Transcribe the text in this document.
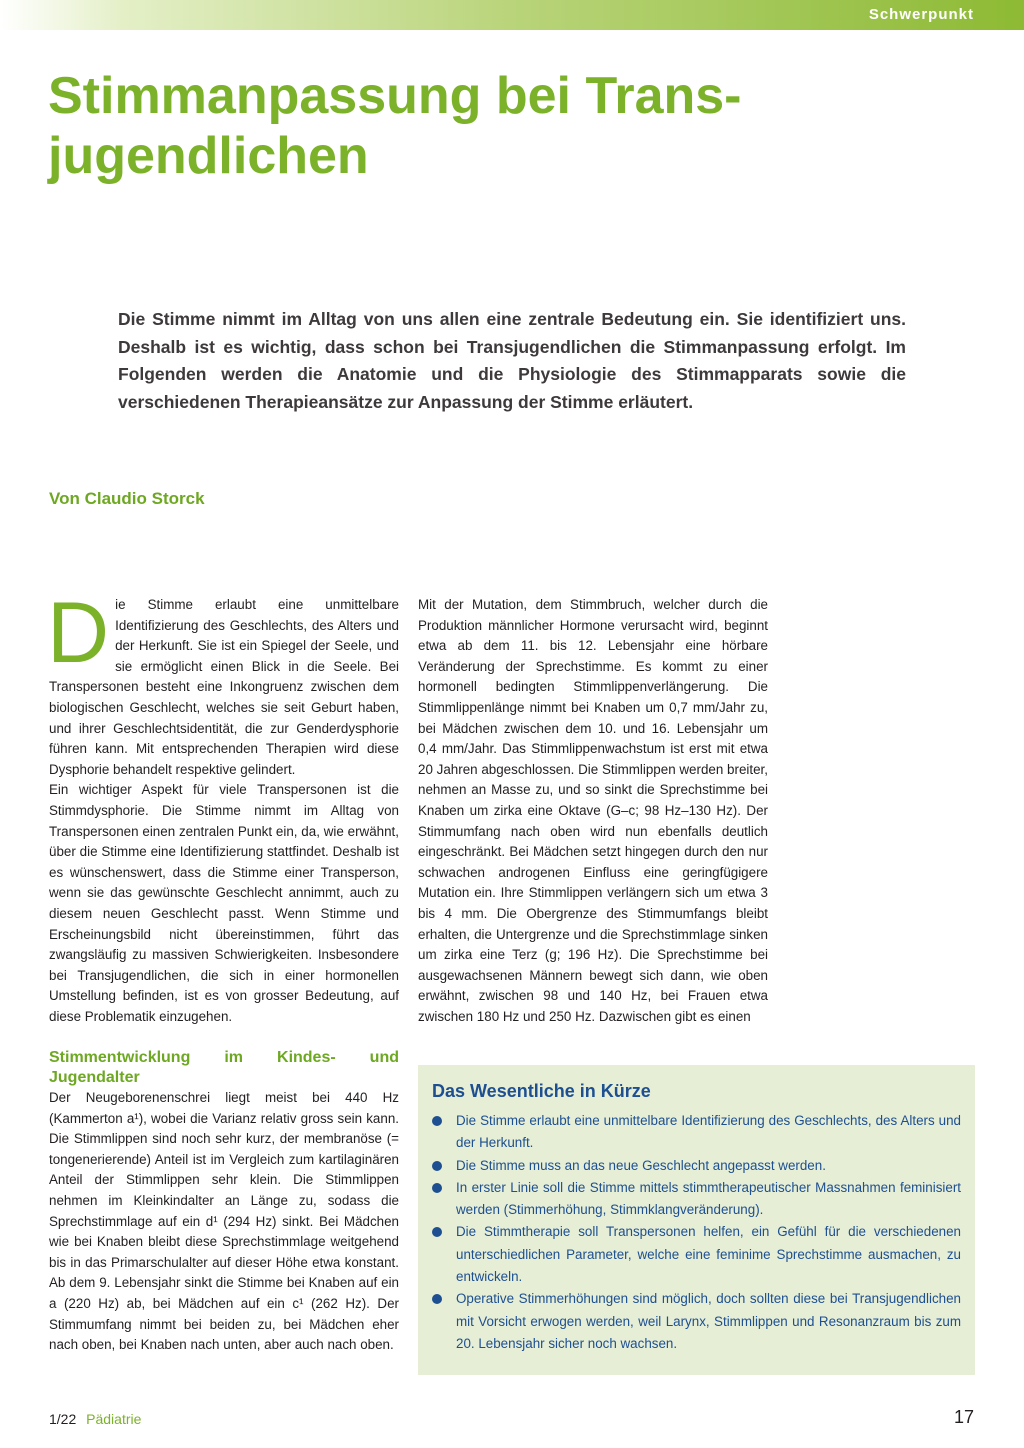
Schwerpunkt
Stimmanpassung bei Trans-jugendlichen

Die Stimme nimmt im Alltag von uns allen eine zentrale Bedeutung ein. Sie identifiziert uns. Deshalb ist es wichtig, dass schon bei Transjugendlichen die Stimmanpassung erfolgt. Im Folgenden werden die Anatomie und die Physiologie des Stimmapparats sowie die verschiedenen Therapieansätze zur Anpassung der Stimme erläutert.

Von Claudio Storck

Die Stimme erlaubt eine unmittelbare Identifizierung des Geschlechts, des Alters und der Herkunft. Sie ist ein Spiegel der Seele, und sie ermöglicht einen Blick in die Seele. Bei Transpersonen besteht eine Inkongruenz zwischen dem biologischen Geschlecht, welches sie seit Geburt haben, und ihrer Geschlechtsidentität, die zur Genderdysphorie führen kann. Mit entsprechenden Therapien wird diese Dysphorie behandelt respektive gelindert.

Ein wichtiger Aspekt für viele Transpersonen ist die Stimmdysphorie. Die Stimme nimmt im Alltag von Transpersonen einen zentralen Punkt ein, da, wie erwähnt, über die Stimme eine Identifizierung stattfindet. Deshalb ist es wünschenswert, dass die Stimme einer Transperson, wenn sie das gewünschte Geschlecht annimmt, auch zu diesem neuen Geschlecht passt. Wenn Stimme und Erscheinungsbild nicht übereinstimmen, führt das zwangsläufig zu massiven Schwierigkeiten. Insbesondere bei Transjugendlichen, die sich in einer hormonellen Umstellung befinden, ist es von grosser Bedeutung, auf diese Problematik einzugehen.

Mit der Mutation, dem Stimmbruch, welcher durch die Produktion männlicher Hormone verursacht wird, beginnt etwa ab dem 11. bis 12. Lebensjahr eine hörbare Veränderung der Sprechstimme. Es kommt zu einer hormonell bedingten Stimmlippenverlängerung. Die Stimmlippenlänge nimmt bei Knaben um 0,7 mm/Jahr zu, bei Mädchen zwischen dem 10. und 16. Lebensjahr um 0,4 mm/Jahr. Das Stimmlippenwachstum ist erst mit etwa 20 Jahren abgeschlossen. Die Stimmlippen werden breiter, nehmen an Masse zu, und so sinkt die Sprechstimme bei Knaben um zirka eine Oktave (G–c; 98 Hz–130 Hz). Der Stimmumfang nach oben wird nun ebenfalls deutlich eingeschränkt. Bei Mädchen setzt hingegen durch den nur schwachen androgenen Einfluss eine geringfügigere Mutation ein. Ihre Stimmlippen verlängern sich um etwa 3 bis 4 mm. Die Obergrenze des Stimmumfangs bleibt erhalten, die Untergrenze und die Sprechstimmlage sinken um zirka eine Terz (g; 196 Hz). Die Sprechstimme bei ausgewachsenen Männern bewegt sich dann, wie oben erwähnt, zwischen 98 und 140 Hz, bei Frauen etwa zwischen 180 Hz und 250 Hz. Dazwischen gibt es einen

Stimmentwicklung im Kindes- und Jugendalter

Der Neugeborenenschrei liegt meist bei 440 Hz (Kammerton a¹), wobei die Varianz relativ gross sein kann. Die Stimmlippen sind noch sehr kurz, der membranöse (= tongenerierende) Anteil ist im Vergleich zum kartilaginären Anteil der Stimmlippen sehr klein. Die Stimmlippen nehmen im Kleinkindalter an Länge zu, sodass die Sprechstimmlage auf ein d¹ (294 Hz) sinkt. Bei Mädchen wie bei Knaben bleibt diese Sprechstimmlage weitgehend bis in das Primarschulalter auf dieser Höhe etwa konstant. Ab dem 9. Lebensjahr sinkt die Stimme bei Knaben auf ein a (220 Hz) ab, bei Mädchen auf ein c¹ (262 Hz). Der Stimmumfang nimmt bei beiden zu, bei Mädchen eher nach oben, bei Knaben nach unten, aber auch nach oben.

Das Wesentliche in Kürze
Die Stimme erlaubt eine unmittelbare Identifizierung des Geschlechts, des Alters und der Herkunft.
Die Stimme muss an das neue Geschlecht angepasst werden.
In erster Linie soll die Stimme mittels stimmtherapeutischer Massnahmen feminisiert werden (Stimmerhöhung, Stimmklangveränderung).
Die Stimmtherapie soll Transpersonen helfen, ein Gefühl für die verschiedenen unterschiedlichen Parameter, welche eine feminime Sprechstimme ausmachen, zu entwickeln.
Operative Stimmerhöhungen sind möglich, doch sollten diese bei Transjugendlichen mit Vorsicht erwogen werden, weil Larynx, Stimmlippen und Resonanzraum bis zum 20. Lebensjahr sicher noch wachsen.
1/22 Pädiatrie	17
